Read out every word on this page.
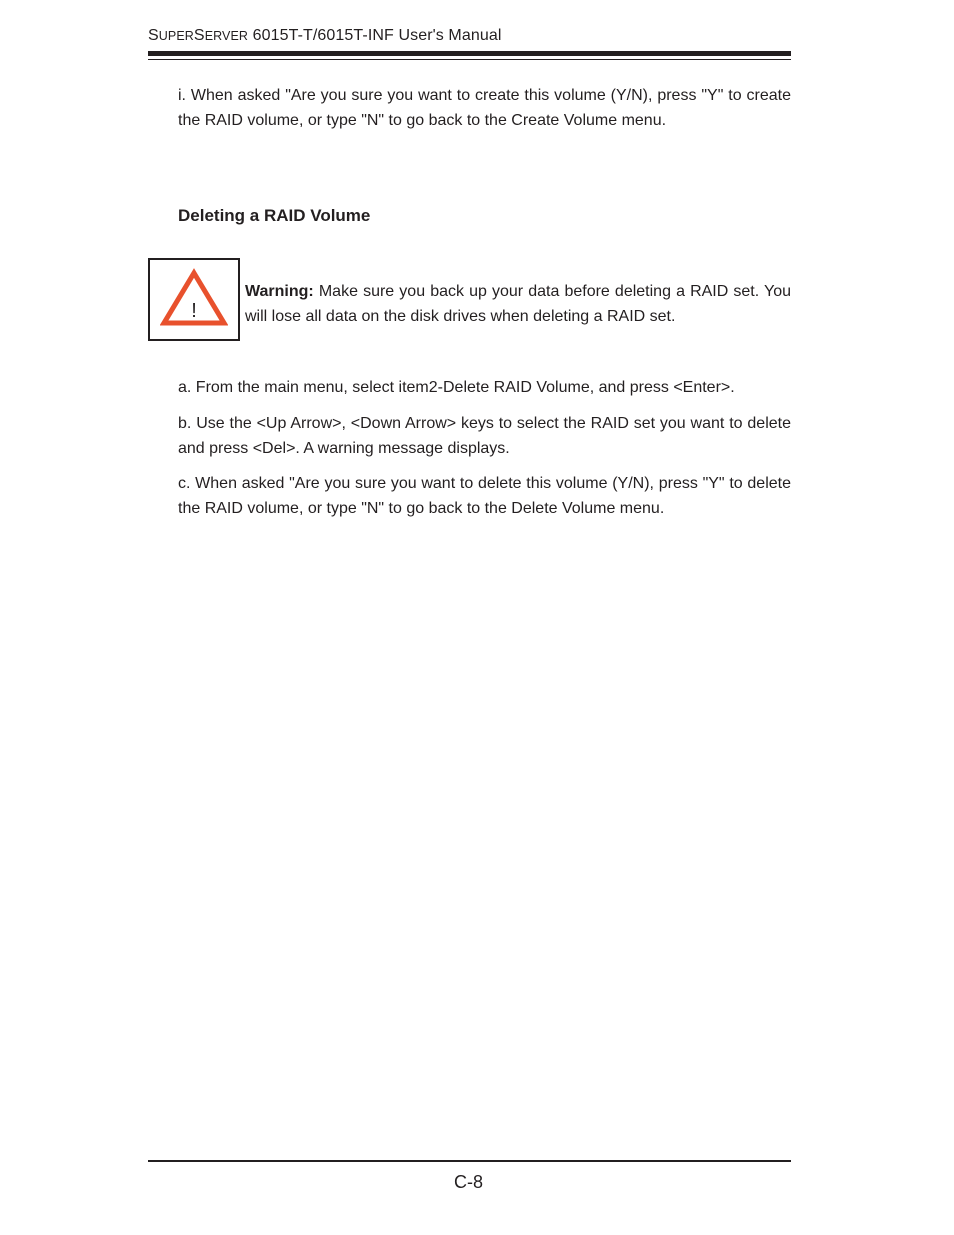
SUPERSERVER 6015T-T/6015T-INF User's Manual
i. When asked "Are you sure you want to create this volume (Y/N), press "Y" to create the RAID volume, or type "N" to go back to the Create Volume menu.
Deleting a RAID Volume
!
Warning: Make sure you back up your data before deleting a RAID set. You will lose all data on the disk drives when deleting a RAID set.
a. From the main menu, select item2-Delete RAID Volume, and press <Enter>.
b. Use the <Up Arrow>, <Down Arrow> keys to select the RAID set you want to delete and press <Del>. A warning message displays.
c. When asked "Are you sure you want to delete this volume (Y/N), press "Y" to delete the RAID volume, or type "N" to go back to the Delete Volume menu.
C-8
